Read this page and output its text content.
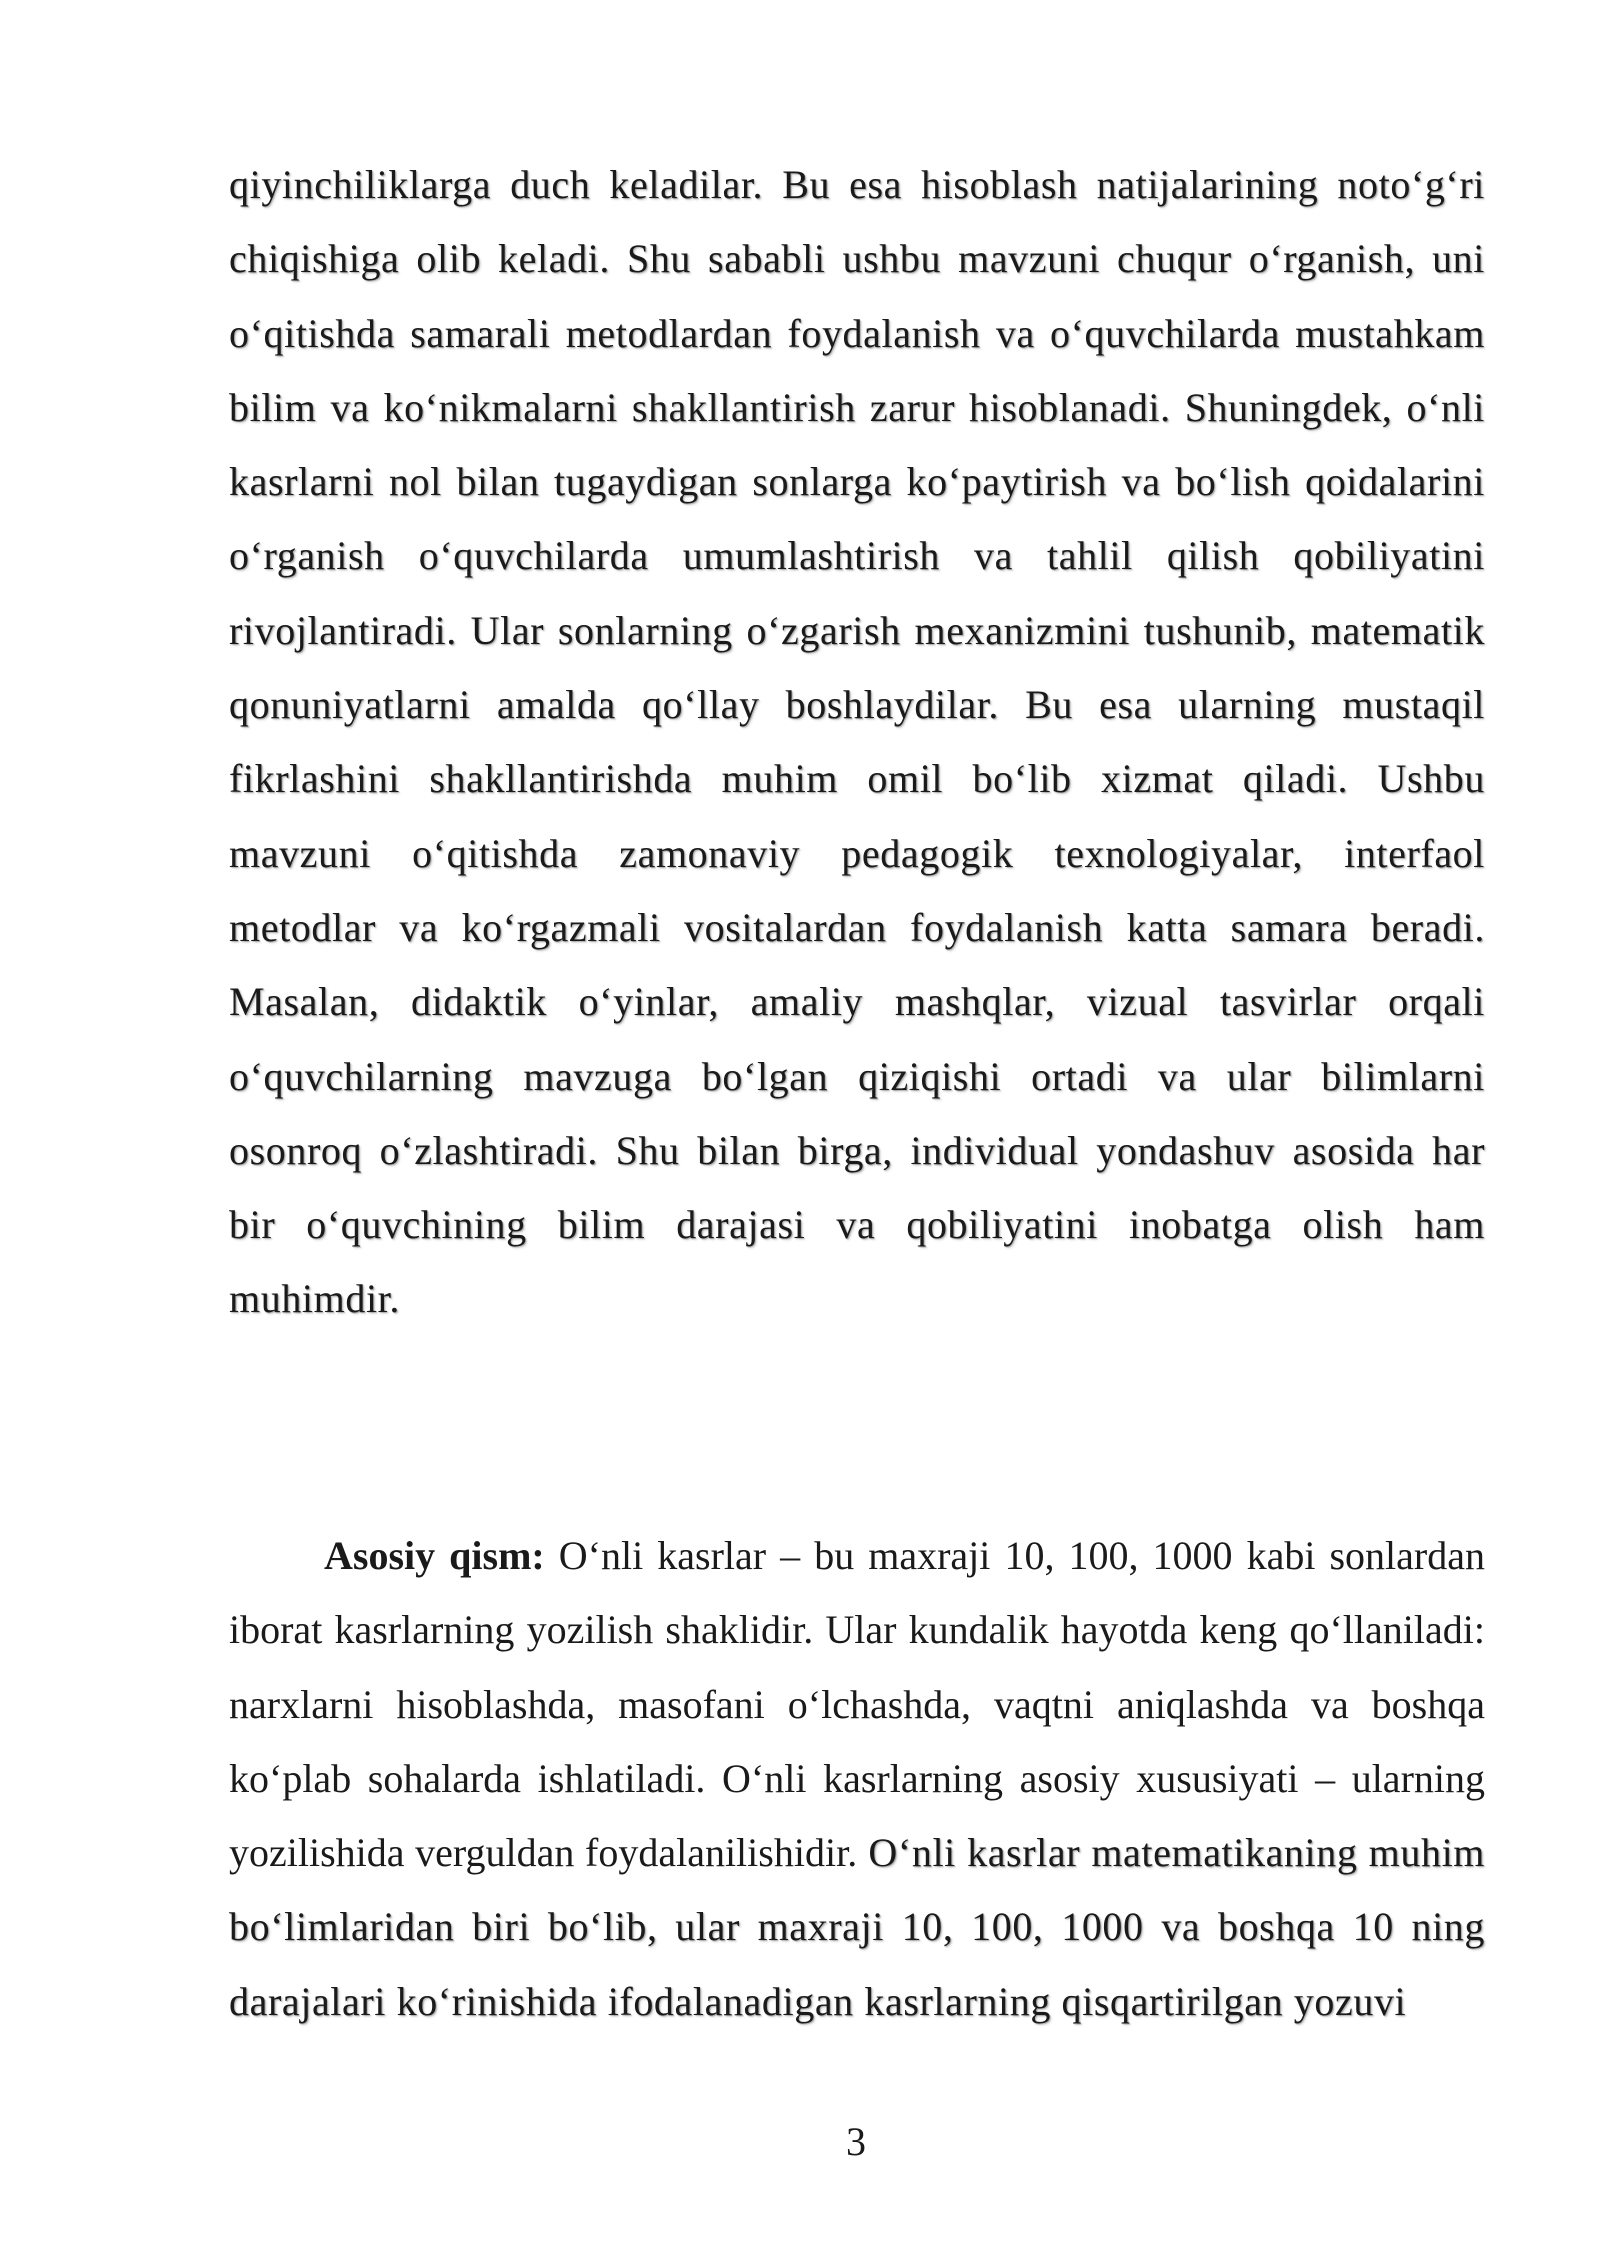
qiyinchiliklarga duch keladilar. Bu esa hisoblash natijalarining noto‘g‘ri chiqishiga olib keladi. Shu sababli ushbu mavzuni chuqur o‘rganish, uni o‘qitishda samarali metodlardan foydalanish va o‘quvchilarda mustahkam bilim va ko‘nikmalarni shakllantirish zarur hisoblanadi. Shuningdek, o‘nli kasrlarni nol bilan tugaydigan sonlarga ko‘paytirish va bo‘lish qoidalarini o‘rganish o‘quvchilarda umumlashtirish va tahlil qilish qobiliyatini rivojlantiradi. Ular sonlarning o‘zgarish mexanizmini tushunib, matematik qonuniyatlarni amalda qo‘llay boshlaydilar. Bu esa ularning mustaqil fikrlashini shakllantirishda muhim omil bo‘lib xizmat qiladi. Ushbu mavzuni o‘qitishda zamonaviy pedagogik texnologiyalar, interfaol metodlar va ko‘rgazmali vositalardan foydalanish katta samara beradi. Masalan, didaktik o‘yinlar, amaliy mashqlar, vizual tasvirlar orqali o‘quvchilarning mavzuga bo‘lgan qiziqishi ortadi va ular bilimlarni osonroq o‘zlashtiradi. Shu bilan birga, individual yondashuv asosida har bir o‘quvchining bilim darajasi va qobiliyatini inobatga olish ham muhimdir.
Asosiy qism: O‘nli kasrlar – bu maxraji 10, 100, 1000 kabi sonlardan iborat kasrlarning yozilish shaklidir. Ular kundalik hayotda keng qo‘llaniladi: narxlarni hisoblashda, masofani o‘lchashda, vaqtni aniqlashda va boshqa ko‘plab sohalarda ishlatiladi. O‘nli kasrlarning asosiy xususiyati – ularning yozilishida verguldan foydalanilishidir. O‘nli kasrlar matematikaning muhim bo‘limlaridan biri bo‘lib, ular maxraji 10, 100, 1000 va boshqa 10 ning darajalari ko‘rinishida ifodalanadigan kasrlarning qisqartirilgan yozuvi
3
